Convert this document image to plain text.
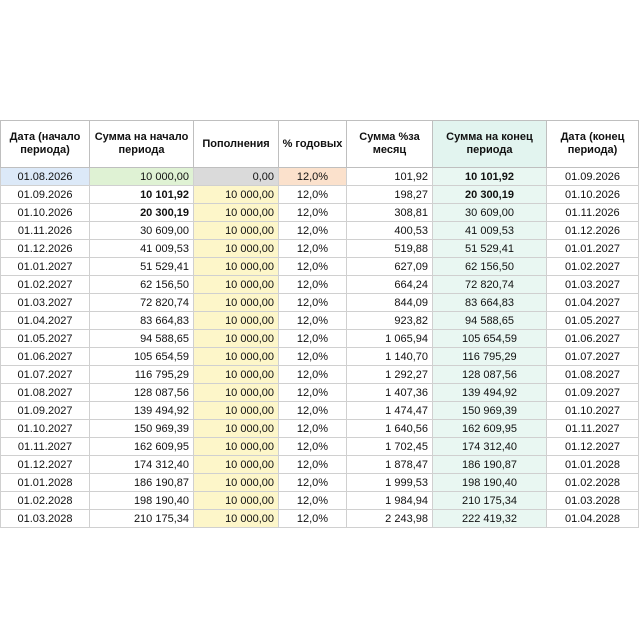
Дата (начало периода)	Сумма на начало периода	Пополнения	% годовых	Сумма %за месяц	Сумма на конец периода	Дата (конец периода)
01.08.2026	10 000,00	0,00	12,0%	101,92	10 101,92	01.09.2026
01.09.2026	10 101,92	10 000,00	12,0%	198,27	20 300,19	01.10.2026
01.10.2026	20 300,19	10 000,00	12,0%	308,81	30 609,00	01.11.2026
01.11.2026	30 609,00	10 000,00	12,0%	400,53	41 009,53	01.12.2026
01.12.2026	41 009,53	10 000,00	12,0%	519,88	51 529,41	01.01.2027
01.01.2027	51 529,41	10 000,00	12,0%	627,09	62 156,50	01.02.2027
01.02.2027	62 156,50	10 000,00	12,0%	664,24	72 820,74	01.03.2027
01.03.2027	72 820,74	10 000,00	12,0%	844,09	83 664,83	01.04.2027
01.04.2027	83 664,83	10 000,00	12,0%	923,82	94 588,65	01.05.2027
01.05.2027	94 588,65	10 000,00	12,0%	1 065,94	105 654,59	01.06.2027
01.06.2027	105 654,59	10 000,00	12,0%	1 140,70	116 795,29	01.07.2027
01.07.2027	116 795,29	10 000,00	12,0%	1 292,27	128 087,56	01.08.2027
01.08.2027	128 087,56	10 000,00	12,0%	1 407,36	139 494,92	01.09.2027
01.09.2027	139 494,92	10 000,00	12,0%	1 474,47	150 969,39	01.10.2027
01.10.2027	150 969,39	10 000,00	12,0%	1 640,56	162 609,95	01.11.2027
01.11.2027	162 609,95	10 000,00	12,0%	1 702,45	174 312,40	01.12.2027
01.12.2027	174 312,40	10 000,00	12,0%	1 878,47	186 190,87	01.01.2028
01.01.2028	186 190,87	10 000,00	12,0%	1 999,53	198 190,40	01.02.2028
01.02.2028	198 190,40	10 000,00	12,0%	1 984,94	210 175,34	01.03.2028
01.03.2028	210 175,34	10 000,00	12,0%	2 243,98	222 419,32	01.04.2028
